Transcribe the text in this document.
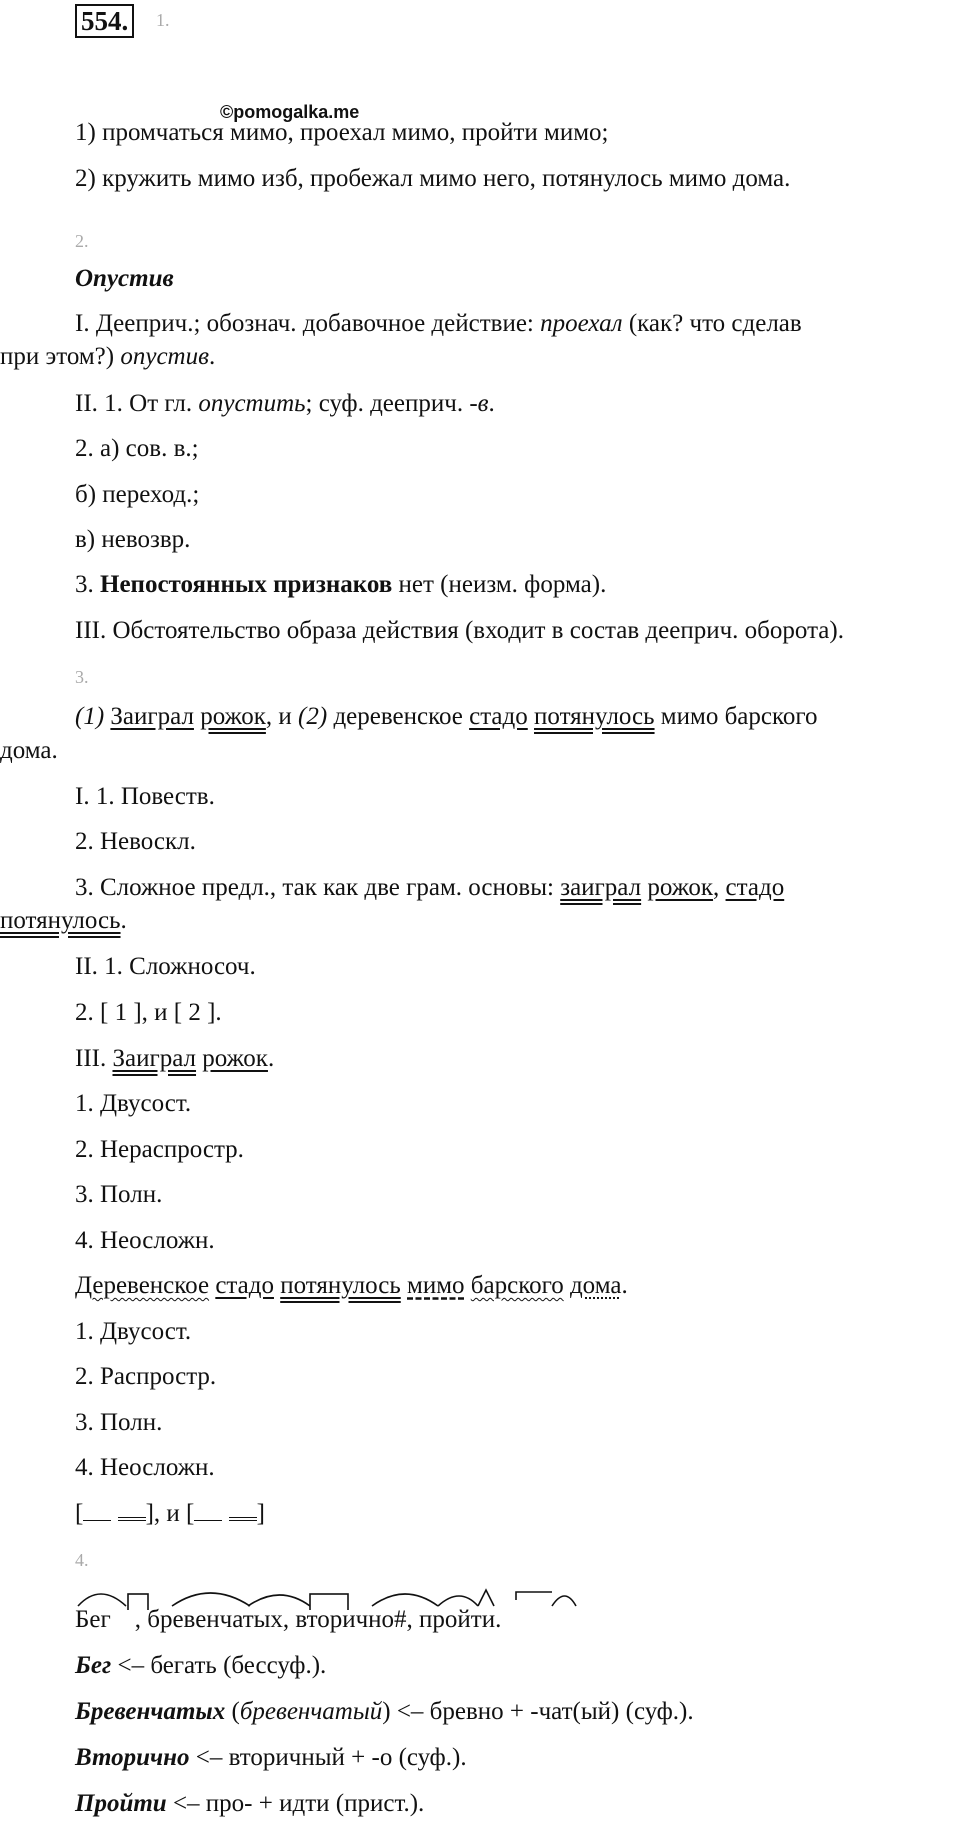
554.	1.
©pomogalka.me
1) промчаться мимо, проехал мимо, пройти мимо;
2) кружить мимо изб, пробежал мимо него, потянулось мимо дома.
2.
Опустив
I. Дееприч.; обознач. добавочное действие: проехал (как? что сделав
при этом?) опустив.
II. 1. От гл. опустить; суф. дееприч. -в.
2. а) сов. в.;
б) переход.;
в) невозвр.
3. Непостоянных признаков нет (неизм. форма).
III. Обстоятельство образа действия (входит в состав дееприч. оборота).
3.
(1) Заиграл рожок, и (2) деревенское стадо потянулось мимо барского
дома.
I. 1. Повеств.
2. Невоскл.
3. Сложное предл., так как две грам. основы: заиграл рожок, стадо
потянулось.
II. 1. Сложносоч.
2. [ 1 ], и [ 2 ].
III. Заиграл рожок.
1. Двусост.
2. Нераспростр.
3. Полн.
4. Неосложн.
Деревенское стадо потянулось мимо барского дома.
1. Двусост.
2. Распростр.
3. Полн.
4. Неосложн.
[ ], и [ ]
4.
Бег , бревенчатых, вторично#, пройти.
Бег <– бегать (бессуф.).
Бревенчатых (бревенчатый) <– бревно + -чат(ый) (суф.).
Вторично <– вторичный + -о (суф.).
Пройти <– про- + идти (прист.).
